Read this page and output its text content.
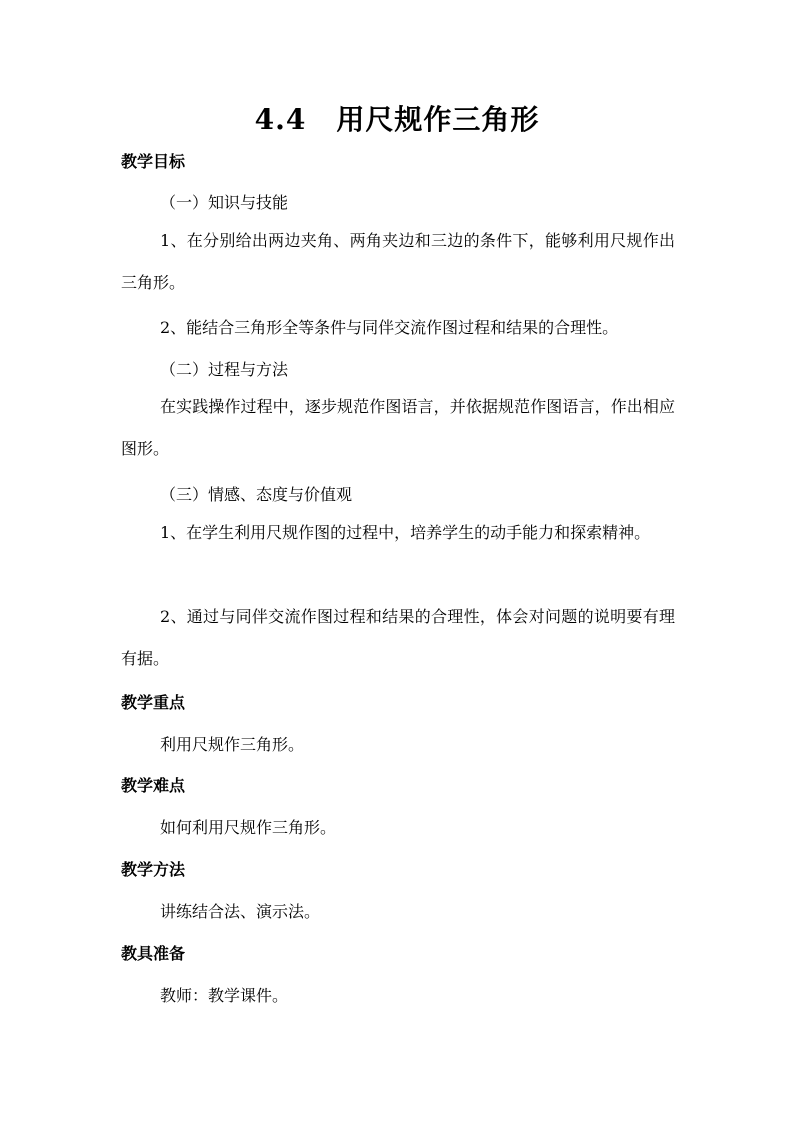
4.4 用尺规作三角形
教学目标
（一）知识与技能
1、在分别给出两边夹角、两角夹边和三边的条件下，能够利用尺规作出三角形。
2、能结合三角形全等条件与同伴交流作图过程和结果的合理性。
（二）过程与方法
在实践操作过程中，逐步规范作图语言，并依据规范作图语言，作出相应图形。
（三）情感、态度与价值观
1、在学生利用尺规作图的过程中，培养学生的动手能力和探索精神。
2、通过与同伴交流作图过程和结果的合理性，体会对问题的说明要有理有据。
教学重点
利用尺规作三角形。
教学难点
如何利用尺规作三角形。
教学方法
讲练结合法、演示法。
教具准备
教师：教学课件。
